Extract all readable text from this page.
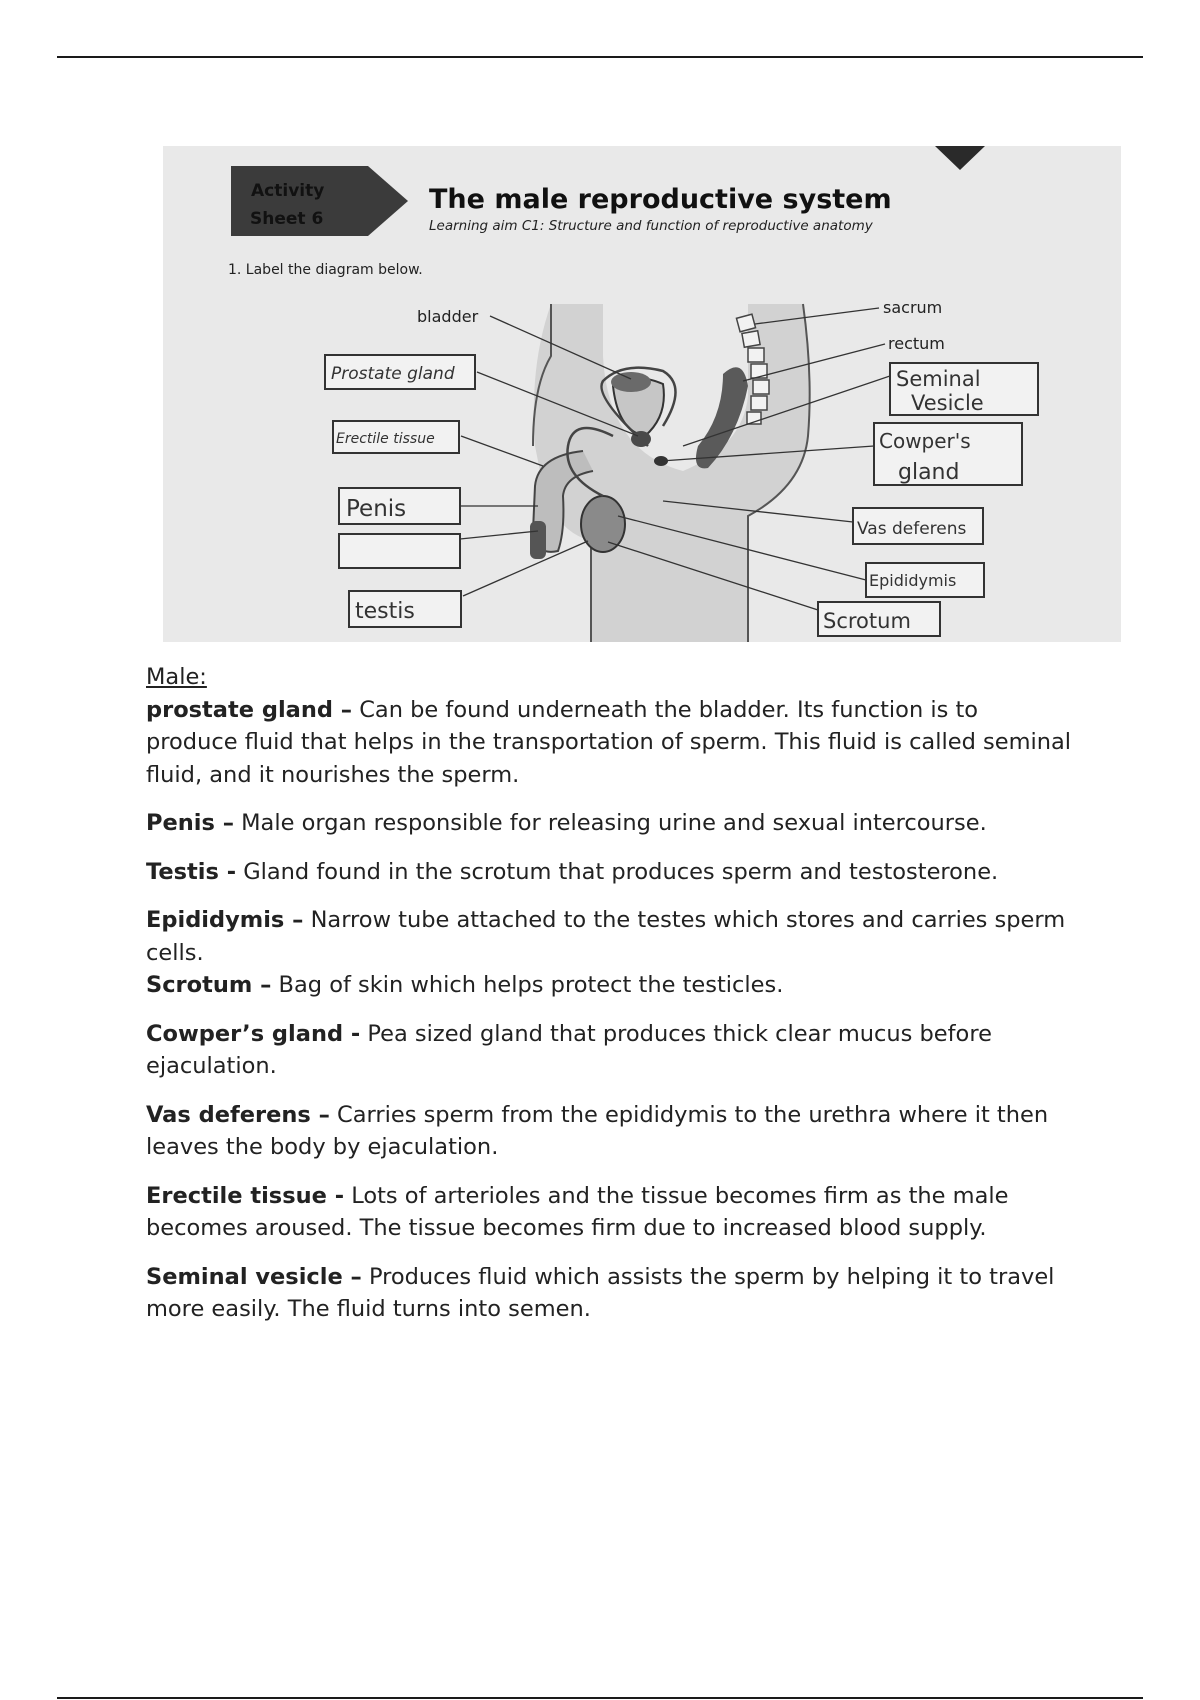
Activity
Sheet 6
The male reproductive system
Learning aim C1: Structure and function of reproductive anatomy
1. Label the diagram below.
bladder	sacrum
rectum
Prostate gland
Erectile tissue
Penis
testis
Seminal
Vesicle
Cowper's
gland
Vas deferens
Epididymis
Scrotum

Male:

prostate gland – Can be found underneath the bladder. Its function is to produce fluid that helps in the transportation of sperm. This fluid is called seminal fluid, and it nourishes the sperm.

Penis – Male organ responsible for releasing urine and sexual intercourse.

Testis - Gland found in the scrotum that produces sperm and testosterone.

Epididymis – Narrow tube attached to the testes which stores and carries sperm cells.

Scrotum – Bag of skin which helps protect the testicles.

Cowper’s gland - Pea sized gland that produces thick clear mucus before ejaculation.

Vas deferens – Carries sperm from the epididymis to the urethra where it then leaves the body by ejaculation.

Erectile tissue - Lots of arterioles and the tissue becomes firm as the male becomes aroused. The tissue becomes firm due to increased blood supply.

Seminal vesicle – Produces fluid which assists the sperm by helping it to travel more easily. The fluid turns into semen.
